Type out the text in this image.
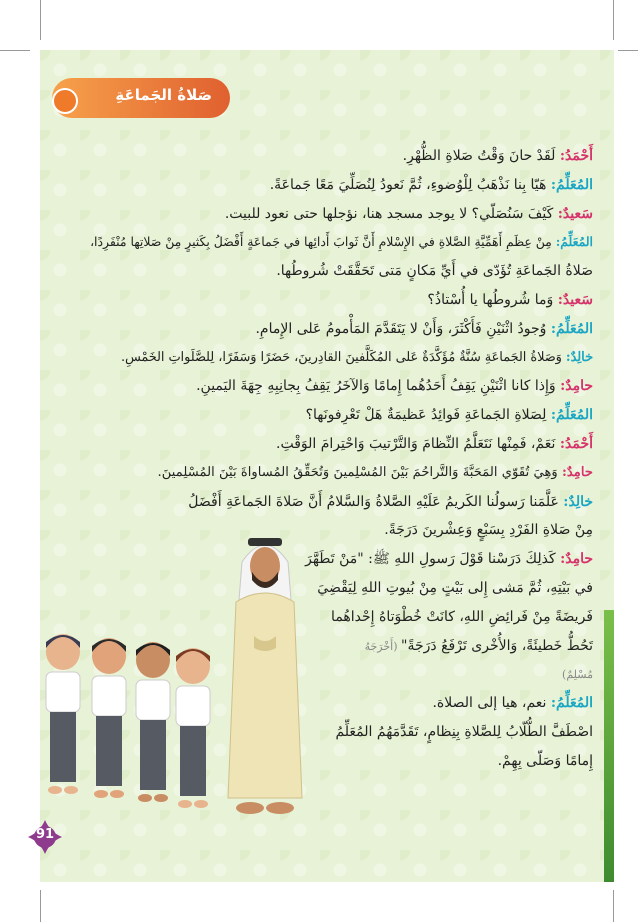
صَلاةُ الجَماعَةِ
أَحْمَدُ: لَقَدْ حانَ وَقْتُ صَلاةِ الظُّهْرِ.
المُعَلِّمُ: هَيّا بِنا نَذْهَبُ لِلْوُضوءِ، ثُمَّ نَعودُ لِنُصَلِّيَ مَعًا جَماعَةً.
سَعيدٌ: كَيْفَ سَنُصَلّي؟ لا يوجد مسجد هنا، نؤجلها حتى نعود للبيت.
المُعَلِّمُ: مِنْ عِظَمِ أَهَمِّيَّةِ الصَّلاةِ في الإِسْلامِ أَنَّ ثَوابَ أَدائِها في جَماعَةٍ أَفْضَلُ بِكَثيرٍ مِنْ صَلاتِها مُنْفَرِدًا،
صَلاةُ الجَماعَةِ تُؤَدّى في أَيِّ مَكانٍ مَتى تَحَقَّقَتْ شُروطُها.
سَعيدٌ: وَما شُروطُها يا أُسْتاذُ؟
المُعَلِّمُ: وُجودُ اثْنَيْنِ فَأَكْثَرَ، وَأَنْ لا يَتَقَدَّمَ المَأْمومُ عَلى الإِمامِ.
خالِدٌ: وَصَلاةُ الجَماعَةِ سُنَّةٌ مُؤَكَّدَةٌ عَلى المُكَلَّفينَ القادِرينَ، حَضَرًا وَسَفَرًا، لِلصَّلَواتِ الخَمْسِ.
حامِدٌ: وَإِذا كانا اثْنَيْنِ يَقِفُ أَحَدُهُما إِمامًا وَالآخَرُ يَقِفُ بِجانِبِهِ جِهَةَ اليَمينِ.
المُعَلِّمُ: لِصَلاةِ الجَماعَةِ فَوائِدُ عَظيمَةٌ هَلْ تَعْرِفونَها؟
أَحْمَدُ: نَعَمْ، فَمِنْها نَتَعَلَّمُ النِّظامَ وَالتَّرْتيبَ وَاحْتِرامَ الوَقْتِ.
حامِدٌ: وَهِيَ تُقَوّي المَحَبَّةَ وَالتَّراحُمَ بَيْنَ المُسْلِمينَ وَتُحَقِّقُ المُساواةَ بَيْنَ المُسْلِمينَ.
خالِدٌ: عَلَّمَنا رَسولُنا الكَريمُ عَلَيْهِ الصَّلاةُ وَالسَّلامُ أَنَّ صَلاةَ الجَماعَةِ أَفْضَلُ
مِنْ صَلاةِ الفَرْدِ بِسَبْعٍ وَعِشْرينَ دَرَجَةً.
حامِدٌ: كَذلِكَ دَرَسْنا قَوْلَ رَسولِ اللهِ ﷺ: "مَنْ تَطَهَّرَ
في بَيْتِهِ، ثُمَّ مَشى إِلى بَيْتٍ مِنْ بُيوتِ اللهِ لِيَقْضِيَ
فَريضَةً مِنْ فَرائِضِ اللهِ، كانَتْ خُطْوَتاهُ إِحْداهُما
تَحُطُّ خَطيئَةً، وَالأُخْرى تَرْفَعُ دَرَجَةً" (أَخْرَجَهُ
مُسْلِمٌ)
المُعَلِّمُ: نعم، هيا إلى الصلاة.
اصْطَفَّ الطُّلّابُ لِلصَّلاةِ بِنِظامٍ، تَقَدَّمَهُمُ المُعَلِّمُ
إِمامًا وَصَلّى بِهِمْ.
91
